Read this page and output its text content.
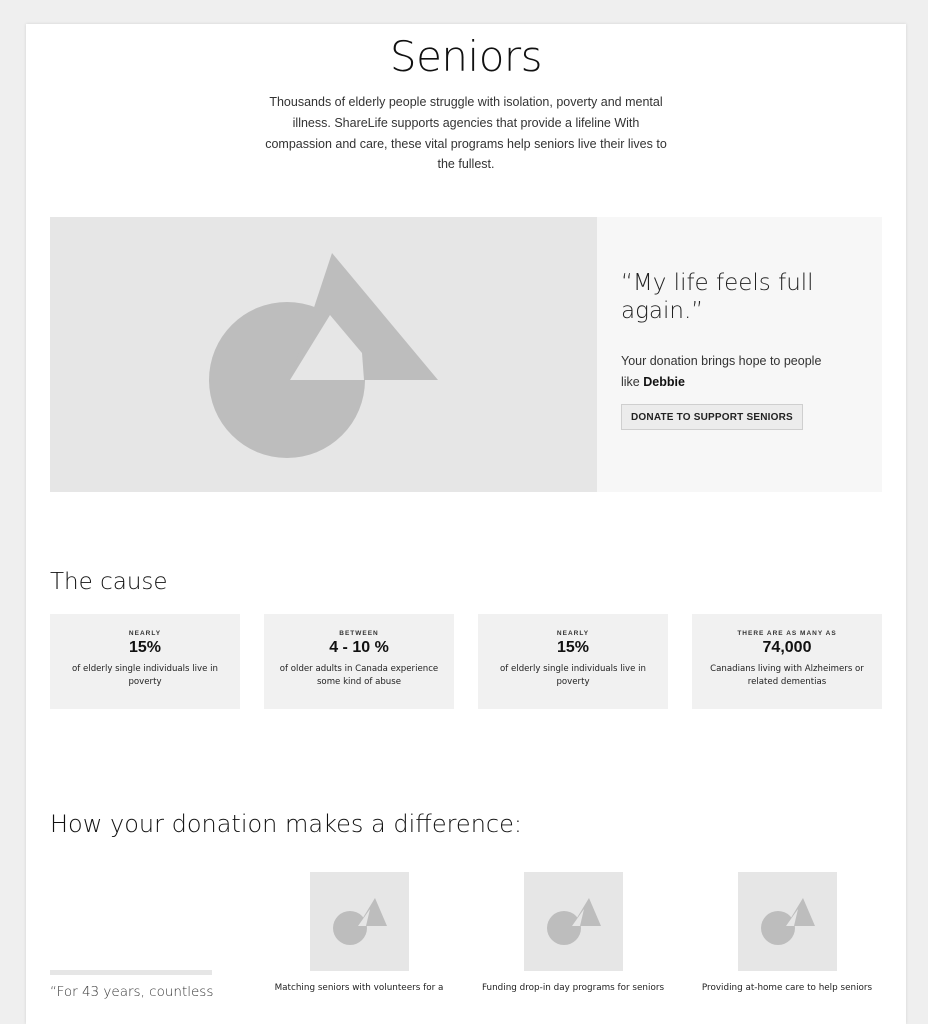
Seniors

Thousands of elderly people struggle with isolation, poverty and mental illness. ShareLife supports agencies that provide a lifeline With compassion and care, these vital programs help seniors live their lives to the fullest.

“My life feels full again.”
Your donation brings hope to people like Debbie
DONATE TO SUPPORT SENIORS
The cause
NEARLY
15%
of elderly single individuals live in poverty
BETWEEN
4 - 10 %
of older adults in Canada experience some kind of abuse
NEARLY
15%
of elderly single individuals live in poverty
THERE ARE AS MANY AS
74,000
Canadians living with Alzheimers or related dementias
How your donation makes a difference:
“For 43 years, countless	Matching seniors with volunteers for a	Funding drop-in day programs for seniors	Providing at-home care to help seniors
